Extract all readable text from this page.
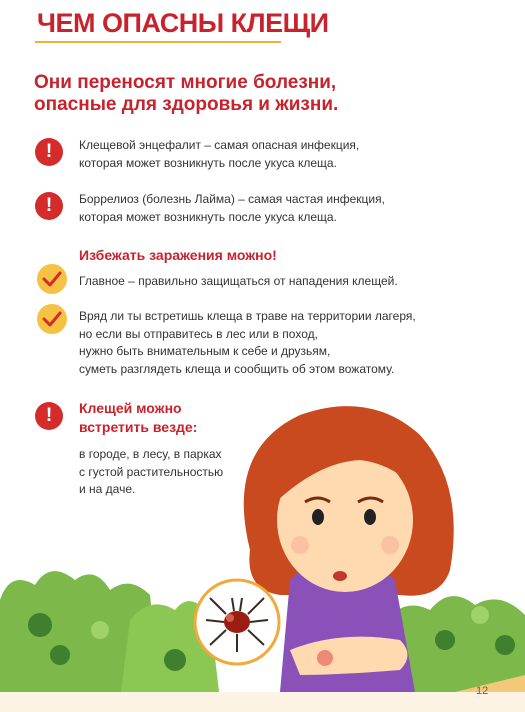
ЧЕМ ОПАСНЫ КЛЕЩИ
Они переносят многие болезни,
опасные для здоровья и жизни.
!	Клещевой энцефалит – самая опасная инфекция,
которая может возникнуть после укуса клеща.

!	Боррелиоз (болезнь Лайма) – самая частая инфекция,
которая может возникнуть после укуса клеща.

Избежать заражения можно!

Главное – правильно защищаться от нападения клещей.

Вряд ли ты встретишь клеща в траве на территории лагеря,
но если вы отправитесь в лес или в поход,
нужно быть внимательным к себе и друзьям,
суметь разглядеть клеща и сообщить об этом вожатому.

!	Клещей можно
встретить везде:

в городе, в лесу, в парках
с густой растительностью
и на даче.

12
